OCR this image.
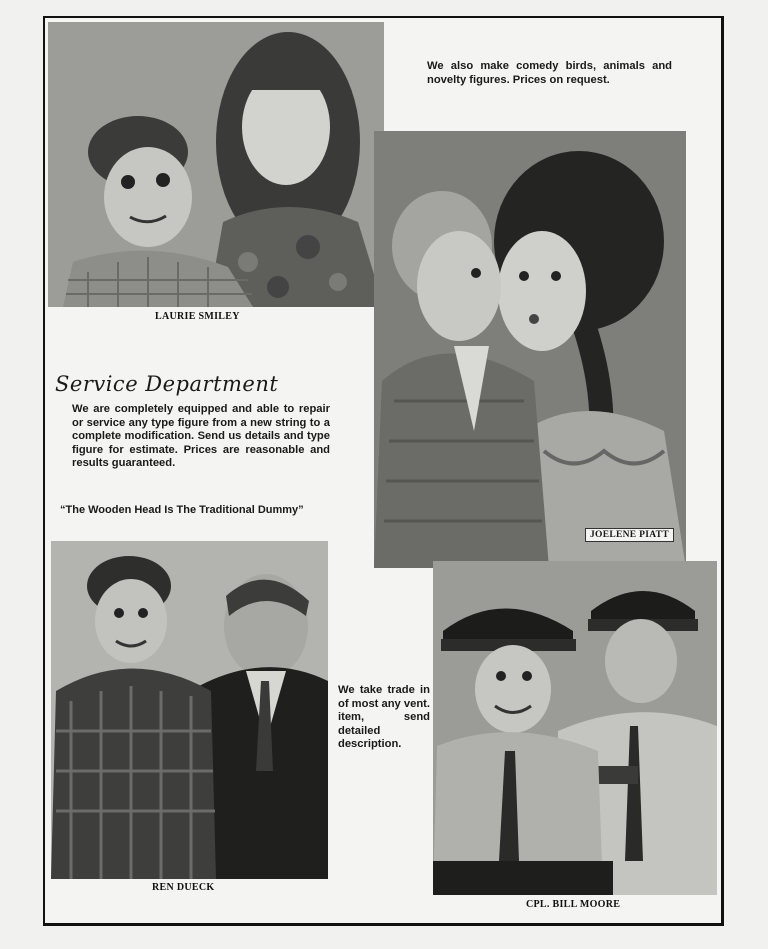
LAURIE SMILEY
We also make comedy birds, animals and novelty figures. Prices on request.
JOELENE PIATT
Service Department
We are completely equipped and able to repair or service any type figure from a new string to a complete modification. Send us details and type figure for estimate. Prices are reasonable and results guaranteed.
“The Wooden Head Is The Traditional Dummy”
REN DUECK
We take trade in of most any vent. item, send detailed description.
CPL. BILL MOORE
